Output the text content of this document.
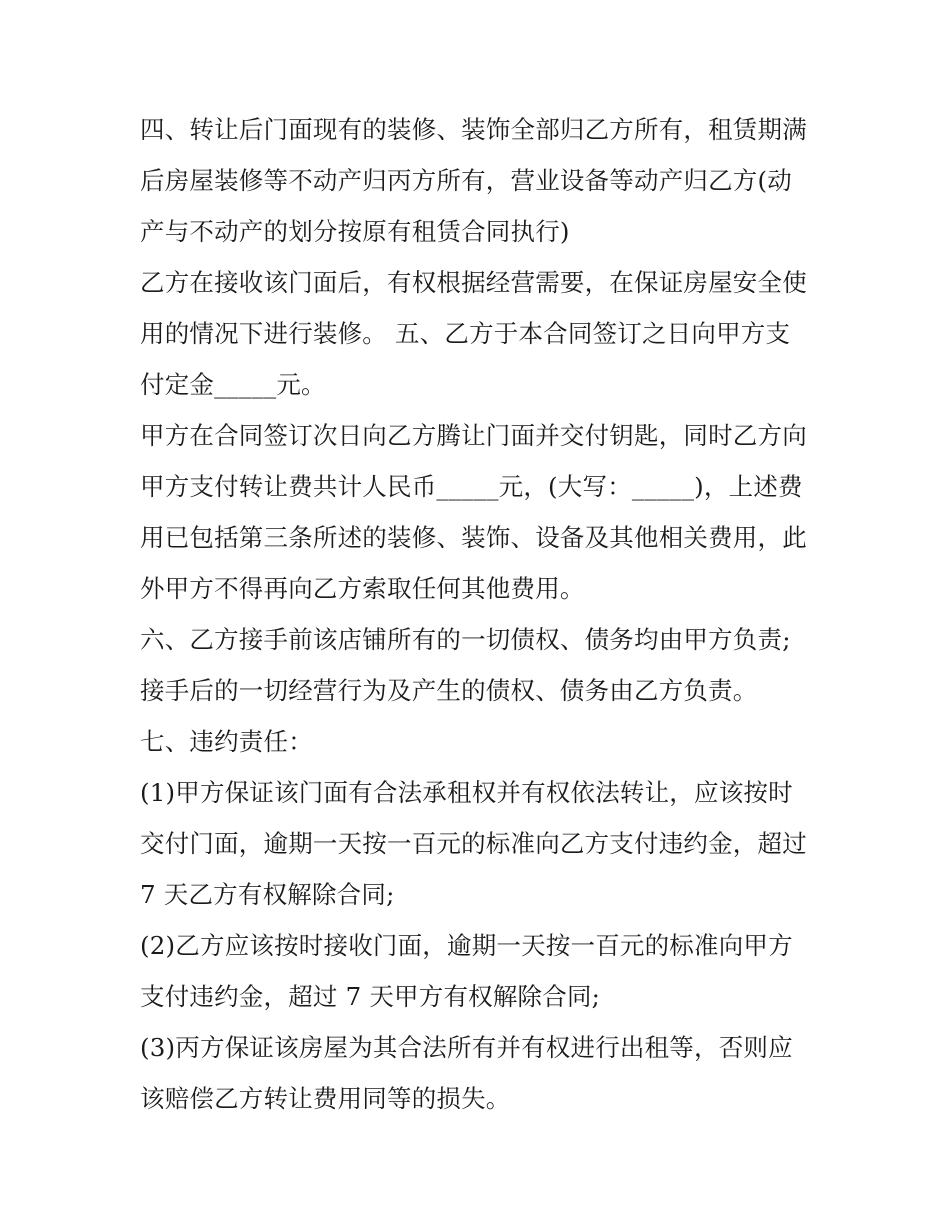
四、转让后门面现有的装修、装饰全部归乙方所有，租赁期满
后房屋装修等不动产归丙方所有，营业设备等动产归乙方(动
产与不动产的划分按原有租赁合同执行)
乙方在接收该门面后，有权根据经营需要，在保证房屋安全使
用的情况下进行装修。 五、乙方于本合同签订之日向甲方支
付定金_____元。
甲方在合同签订次日向乙方腾让门面并交付钥匙，同时乙方向
甲方支付转让费共计人民币_____元，(大写：_____)，上述费
用已包括第三条所述的装修、装饰、设备及其他相关费用，此
外甲方不得再向乙方索取任何其他费用。
六、乙方接手前该店铺所有的一切债权、债务均由甲方负责;
接手后的一切经营行为及产生的债权、债务由乙方负责。
七、违约责任：
(1)甲方保证该门面有合法承租权并有权依法转让，应该按时
交付门面，逾期一天按一百元的标准向乙方支付违约金，超过
7 天乙方有权解除合同;
(2)乙方应该按时接收门面，逾期一天按一百元的标准向甲方
支付违约金，超过 7 天甲方有权解除合同;
(3)丙方保证该房屋为其合法所有并有权进行出租等，否则应
该赔偿乙方转让费用同等的损失。
